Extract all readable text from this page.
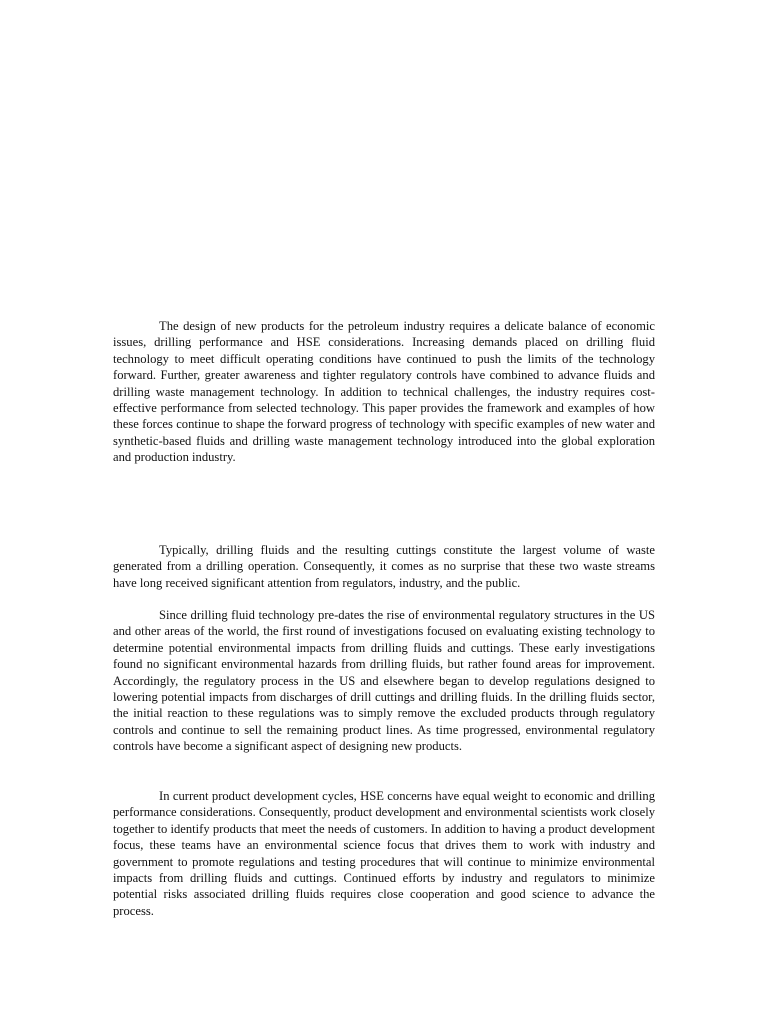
The design of new products for the petroleum industry requires a delicate balance of economic issues, drilling performance and HSE considerations. Increasing demands placed on drilling fluid technology to meet difficult operating conditions have continued to push the limits of the technology forward. Further, greater awareness and tighter regulatory controls have combined to advance fluids and drilling waste management technology. In addition to technical challenges, the industry requires cost-effective performance from selected technology. This paper provides the framework and examples of how these forces continue to shape the forward progress of technology with specific examples of new water and synthetic-based fluids and drilling waste management technology introduced into the global exploration and production industry.

Typically, drilling fluids and the resulting cuttings constitute the largest volume of waste generated from a drilling operation. Consequently, it comes as no surprise that these two waste streams have long received significant attention from regulators, industry, and the public.

Since drilling fluid technology pre-dates the rise of environmental regulatory structures in the US and other areas of the world, the first round of investigations focused on evaluating existing technology to determine potential environmental impacts from drilling fluids and cuttings. These early investigations found no significant environmental hazards from drilling fluids, but rather found areas for improvement. Accordingly, the regulatory process in the US and elsewhere began to develop regulations designed to lowering potential impacts from discharges of drill cuttings and drilling fluids. In the drilling fluids sector, the initial reaction to these regulations was to simply remove the excluded products through regulatory controls and continue to sell the remaining product lines. As time progressed, environmental regulatory controls have become a significant aspect of designing new products.

In current product development cycles, HSE concerns have equal weight to economic and drilling performance considerations. Consequently, product development and environmental scientists work closely together to identify products that meet the needs of customers. In addition to having a product development focus, these teams have an environmental science focus that drives them to work with industry and government to promote regulations and testing procedures that will continue to minimize environmental impacts from drilling fluids and cuttings. Continued efforts by industry and regulators to minimize potential risks associated drilling fluids requires close cooperation and good science to advance the process.
